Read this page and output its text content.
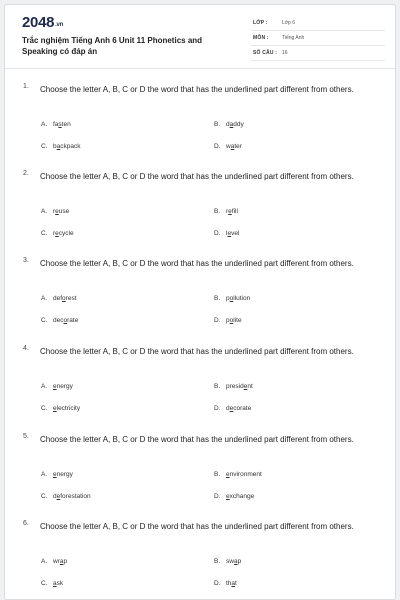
2048.vn
Trắc nghiệm Tiếng Anh 6 Unit 11 Phonetics and Speaking có đáp án
LỚP :	Lớp 6
MÔN :	Tiếng Anh
SỐ CÂU : 16
1. Choose the letter A, B, C or D the word that has the underlined part different from others.
A. fasten	B. daddy
C. backpack	D. water
2. Choose the letter A, B, C or D the word that has the underlined part different from others.
A. reuse	B. refill
C. recycle	D. level
3. Choose the letter A, B, C or D the word that has the underlined part different from others.
A. deforest	B. pollution
C. decorate	D. polite
4. Choose the letter A, B, C or D the word that has the underlined part different from others.
A. energy	B. president
C. electricity	D. decorate
5. Choose the letter A, B, C or D the word that has the underlined part different from others.
A. energy	B. environment
C. deforestation	D. exchange
6. Choose the letter A, B, C or D the word that has the underlined part different from others.
A. wrap	B. swap
C. ask	D. that
